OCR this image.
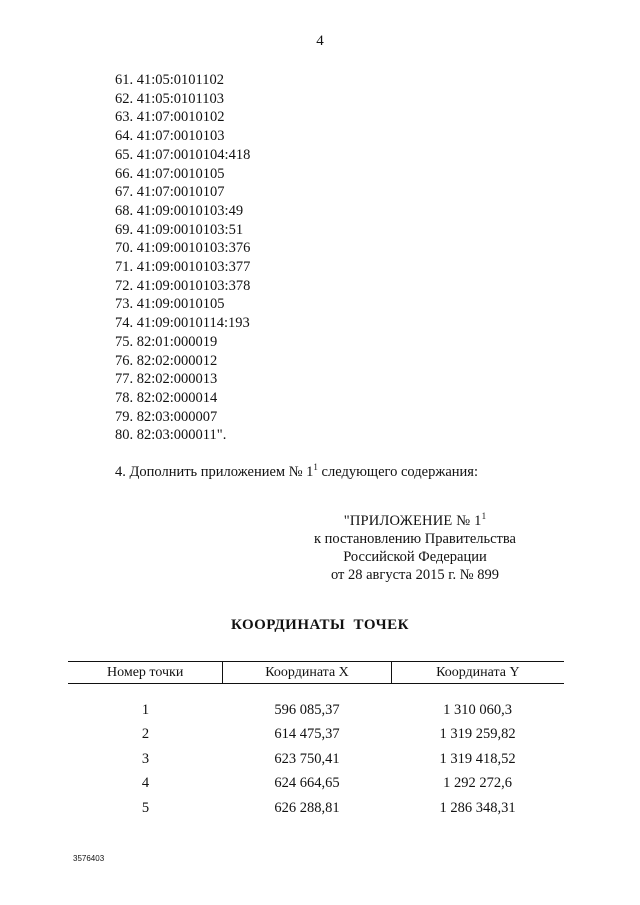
4
61. 41:05:0101102
62. 41:05:0101103
63. 41:07:0010102
64. 41:07:0010103
65. 41:07:0010104:418
66. 41:07:0010105
67. 41:07:0010107
68. 41:09:0010103:49
69. 41:09:0010103:51
70. 41:09:0010103:376
71. 41:09:0010103:377
72. 41:09:0010103:378
73. 41:09:0010105
74. 41:09:0010114:193
75. 82:01:000019
76. 82:02:000012
77. 82:02:000013
78. 82:02:000014
79. 82:03:000007
80. 82:03:000011".
4. Дополнить приложением № $1^1$ следующего содержания:
"ПРИЛОЖЕНИЕ № $1^1$
к постановлению Правительства
Российской Федерации
от 28 августа 2015 г. № 899
КООРДИНАТЫ ТОЧЕК
Номер точки	Координата X	Координата Y
1	596 085,37	1 310 060,3
2	614 475,37	1 319 259,82
3	623 750,41	1 319 418,52
4	624 664,65	1 292 272,6
5	626 288,81	1 286 348,31
3576403
